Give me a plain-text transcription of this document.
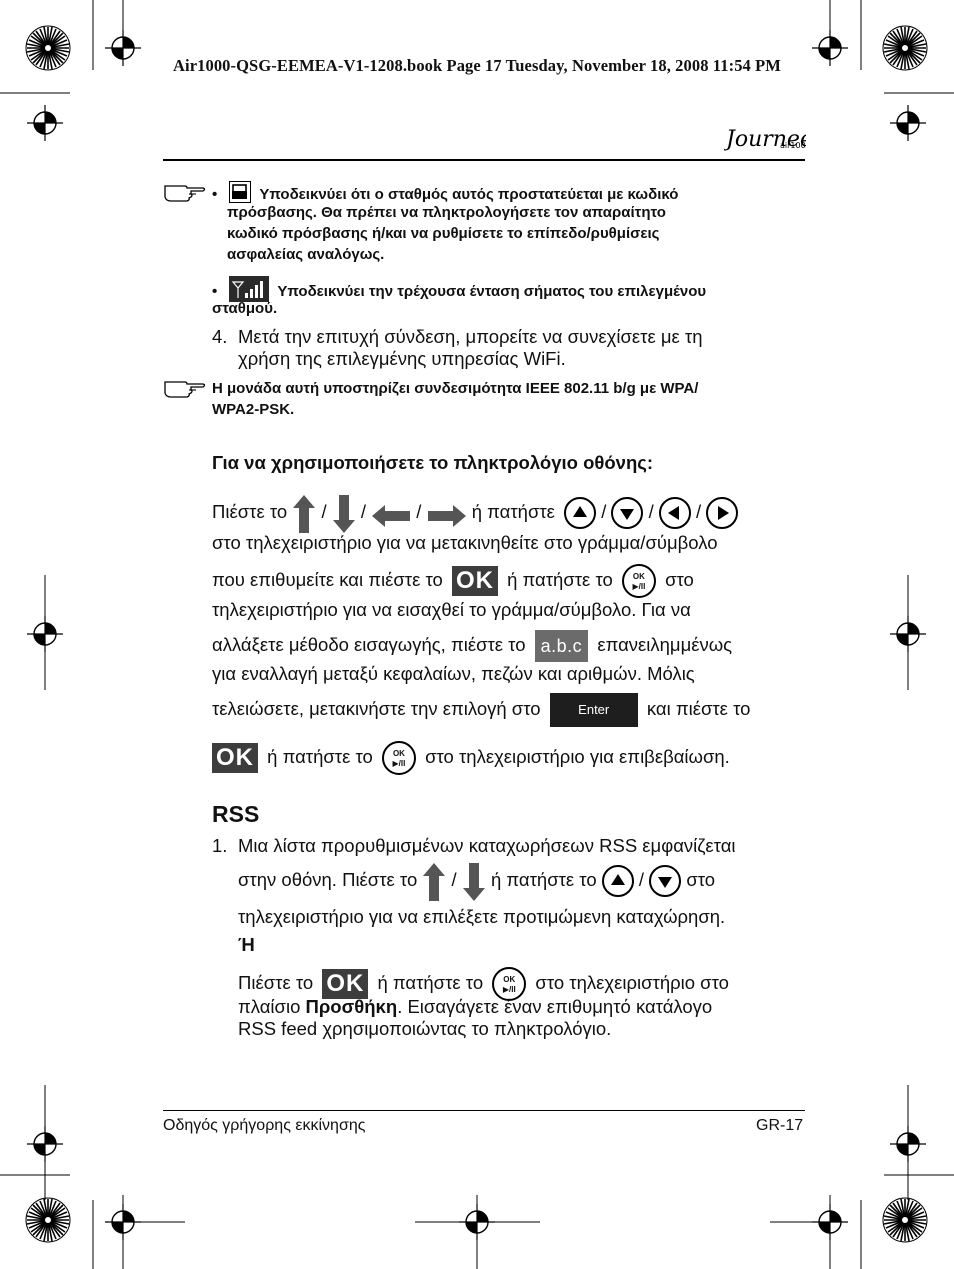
Air1000-QSG-EEMEA-V1-1208.book Page 17 Tuesday, November 18, 2008 11:54 PM
Journee
air100
•	Υποδεικνύει ότι ο σταθμός αυτός προστατεύεται με κωδικό
πρόσβασης. Θα πρέπει να πληκτρολογήσετε τον απαραίτητο
κωδικό πρόσβασης ή/και να ρυθμίσετε το επίπεδο/ρυθμίσεις
ασφαλείας αναλόγως.
•	Υποδεικνύει την τρέχουσα ένταση σήματος του επιλεγμένου
σταθμού.
4. Μετά την επιτυχή σύνδεση, μπορείτε να συνεχίσετε με τη
χρήση της επιλεγμένης υπηρεσίας WiFi.
Η μονάδα αυτή υποστηρίζει συνδεσιμότητα IEEE 802.11 b/g με WPA/
WPA2-PSK.
Για να χρησιμοποιήσετε το πληκτρολόγιο οθόνης:
Πιέστε το / /	/	ή πατήστε	/ / /
στο τηλεχειριστήριο για να μετακινηθείτε στο γράμμα/σύμβολο
που επιθυμείτε και πιέστε το OK ή πατήστε το	OK
▶/II στο
τηλεχειριστήριο για να εισαχθεί το γράμμα/σύμβολο. Για να
αλλάξετε μέθοδο εισαγωγής, πιέστε το a.b.c επανειλημμένως
για εναλλαγή μεταξύ κεφαλαίων, πεζών και αριθμών. Μόλις
τελειώσετε, μετακινήστε την επιλογή στο	Enter και πιέστε το
OK ή πατήστε το	OK
▶/II στο τηλεχειριστήριο για επιβεβαίωση.
RSS
1. Μια λίστα προρυθμισμένων καταχωρήσεων RSS εμφανίζεται
στην οθόνη. Πιέστε το / ή πατήστε το / στο
τηλεχειριστήριο για να επιλέξετε προτιμώμενη καταχώρηση.
Ή
Πιέστε το OK ή πατήστε το	OK
▶/II στο τηλεχειριστήριο στο
πλαίσιο Προσθήκη. Εισαγάγετε έναν επιθυμητό κατάλογο
RSS feed χρησιμοποιώντας το πληκτρολόγιο.
Οδηγός γρήγορης εκκίνησης	GR-17
